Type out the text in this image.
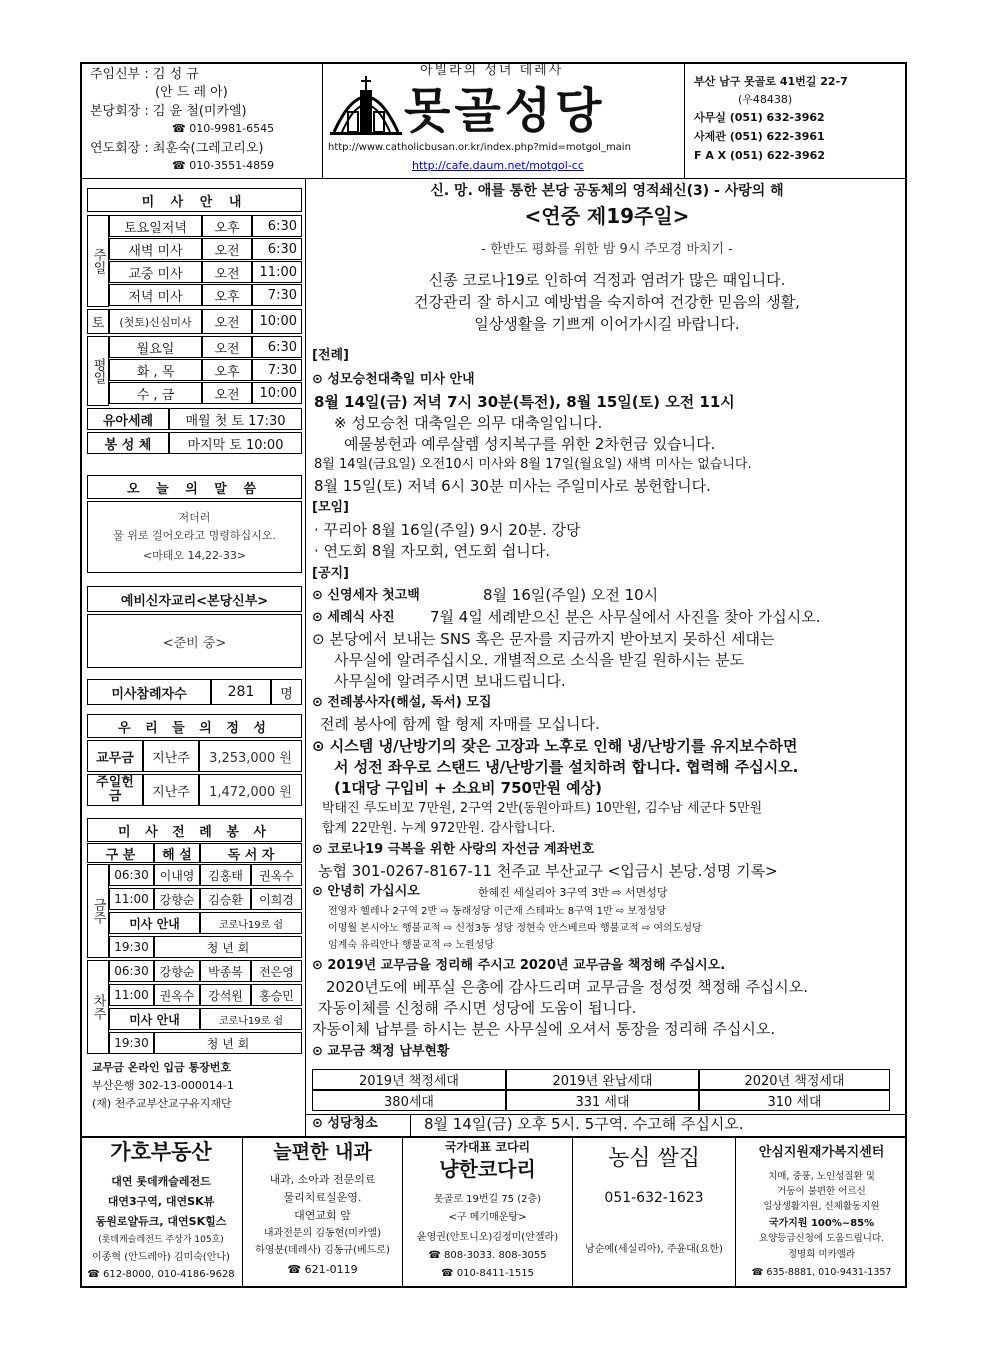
주임신부 : 김 성 규
(안 드 레 아)
본당회장 : 김 윤 철(미카엘)
☎ 010-9981-6545
연도회장 : 최훈숙(그레고리오)
☎ 010-3551-4859
아빌라의 성녀 데레사
못골성당
http://www.catholicbusan.or.kr/index.php?mid=motgol_main
http://cafe.daum.net/motgol-cc
부산 남구 못골로 41번길 22-7
(우48438)
사무실 (051) 632-3962
사제관 (051) 622-3961
F A X (051) 622-3962
미 사 안 내
주일
토
평일
토요일저녁	오후	6:30
새벽 미사	오전	6:30
교중 미사	오전	11:00
저녁 미사	오후	7:30
(첫토)신심미사	오전	10:00
월요일	오전	6:30
화 , 목	오후	7:30
수 , 금	오전	10:00
유아세례	매월 첫 토 17:30
봉 성 체	마지막 토 10:00
오 늘 의 말 씀
저더러
물 위로 걸어오라고 명령하십시오.
<마태오 14,22-33>
예비신자교리<본당신부>
<준비 중>
미사참례자수	281	명
우 리 들 의 정 성
교무금	지난주	3,253,000 원
주일헌금	지난주	1,472,000 원
미 사 전 례 봉 사
구 분	해 설	독 서 자
금주
차주
06:30 이내영	김홍태	권옥수
11:00 강향순	김승환	이희경
미사 안내	코로나19로 쉼
19:30	청 년 회
06:30 강향순	박종복	전은영
11:00 권옥수	강석원	홍승민
미사 안내	코로나19로 쉼
19:30	청 년 회
교무금 온라인 입금 통장번호
부산은행 302-13-000014-1
(재) 천주교부산교구유지재단
신. 망. 애를 통한 본당 공동체의 영적쇄신(3) - 사랑의 해
<연중 제19주일>
- 한반도 평화를 위한 밤 9시 주모경 바치기 -
신종 코로나19로 인하여 걱정과 염려가 많은 때입니다.
건강관리 잘 하시고 예방법을 숙지하여 건강한 믿음의 생활,
일상생활을 기쁘게 이어가시길 바랍니다.
[전례]
⊙ 성모승천대축일 미사 안내
8월 14일(금) 저녁 7시 30분(특전), 8월 15일(토) 오전 11시
※ 성모승천 대축일은 의무 대축일입니다.
예물봉헌과 예루살렘 성지복구를 위한 2차헌금 있습니다.
8월 14일(금요일) 오전10시 미사와 8월 17일(월요일) 새벽 미사는 없습니다.
8월 15일(토) 저녁 6시 30분 미사는 주일미사로 봉헌합니다.
[모임]
· 꾸리아 8월 16일(주일) 9시 20분. 강당
· 연도회 8월 자모회, 연도회 쉽니다.
[공지]
⊙ 신영세자 첫고백	8월 16일(주일) 오전 10시
⊙ 세례식 사진 7월 4일 세례받으신 분은 사무실에서 사진을 찾아 가십시오.
⊙ 본당에서 보내는 SNS 혹은 문자를 지금까지 받아보지 못하신 세대는
사무실에 알려주십시오. 개별적으로 소식을 받길 원하시는 분도
사무실에 알려주시면 보내드립니다.
⊙ 전례봉사자(해설, 독서) 모집
전례 봉사에 함께 할 형제 자매를 모십니다.
⊙ 시스템 냉/난방기의 잦은 고장과 노후로 인해 냉/난방기를 유지보수하면
서 성전 좌우로 스탠드 냉/난방기를 설치하려 합니다. 협력해 주십시오.
(1대당 구입비 + 소요비 750만원 예상)
박태진 루도비꼬 7만원, 2구역 2반(동원아파트) 10만원, 김수남 세군다 5만원
합계 22만원. 누계 972만원. 감사합니다.
⊙ 코로나19 극복을 위한 사랑의 자선금 계좌번호
농협 301-0267-8167-11 천주교 부산교구 <입금시 본당.성명 기록>
⊙ 안녕히 가십시오	한혜진 세실리아 3구역 3반 ⇨ 서면성당
전영자 헬레나 2구역 2반 ⇨ 동래성당 이근재 스테파노 8구역 1반 ⇨ 보정성당
이명월 본시아노 행불교적 ⇨ 신정3동 성당 정현숙 안스베르따 행불교적 ⇨ 여의도성당
임계숙 유리안나 행불교적 ⇨ 노원성당
⊙ 2019년 교무금을 정리해 주시고 2020년 교무금을 책정해 주십시오.
2020년도에 베푸실 은총에 감사드리며 교무금을 정성껏 책정해 주십시오.
자동이체를 신청해 주시면 성당에 도움이 됩니다.
자동이체 납부를 하시는 분은 사무실에 오셔서 통장을 정리해 주십시오.
⊙ 교무금 책정 납부현황
2019년 책정세대	2019년 완납세대	2020년 책정세대
380세대	331 세대	310 세대
⊙ 성당청소	8월 14일(금) 오후 5시. 5구역. 수고해 주십시오.
가호부동산
대연 롯데캐슬레전드
대연3구역, 대연SK뷰
동원로얄듀크, 대연SK힐스
(롯데캐슬레전드 주상가 105호)
이종혁 (안드레아) 김미숙(안나)
☎ 612-8000, 010-4186-9628
늘편한 내과
내과, 소아과 전문의료
물리치료실운영.
대연교회 앞
내과전문의 김동현(미카엘)
하영분(데레사) 김동규(베드로)
☎ 621-0119
국가대표 코다리
냥한코다리
못골로 19번길 75 (2층)
<구 메기매운탕>
윤영권(안토니오)김정미(안젤라)
☎ 808-3033. 808-3055
☎ 010-8411-1515
농심 쌀집
051-632-1623
남순예(세실리아), 주윤대(요한)
안심지원재가복지센터
치매, 중풍, 노인성질환 및
거동이 불편한 어르신
일상생활지원, 신체활동지원
국가지원 100%~85%
요양등급신청에 도움드립니다.
정명희 미카엘라
☎ 635-8881, 010-9431-1357
